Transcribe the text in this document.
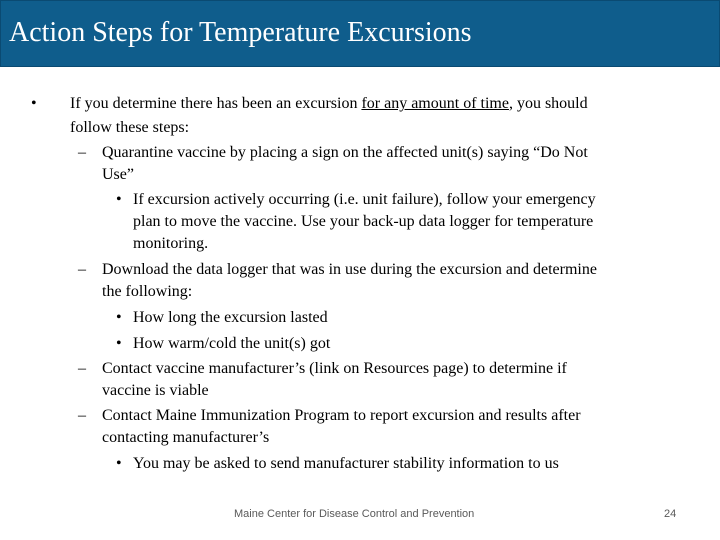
Action Steps for Temperature Excursions
• If you determine there has been an excursion for any amount of time, you should
follow these steps:
– Quarantine vaccine by placing a sign on the affected unit(s) saying “Do Not
Use”
• If excursion actively occurring (i.e. unit failure), follow your emergency
plan to move the vaccine. Use your back-up data logger for temperature
monitoring.
– Download the data logger that was in use during the excursion and determine
the following:
• How long the excursion lasted
• How warm/cold the unit(s) got
– Contact vaccine manufacturer’s (link on Resources page) to determine if
vaccine is viable
– Contact Maine Immunization Program to report excursion and results after
contacting manufacturer’s
• You may be asked to send manufacturer stability information to us
Maine Center for Disease Control and Prevention	24
